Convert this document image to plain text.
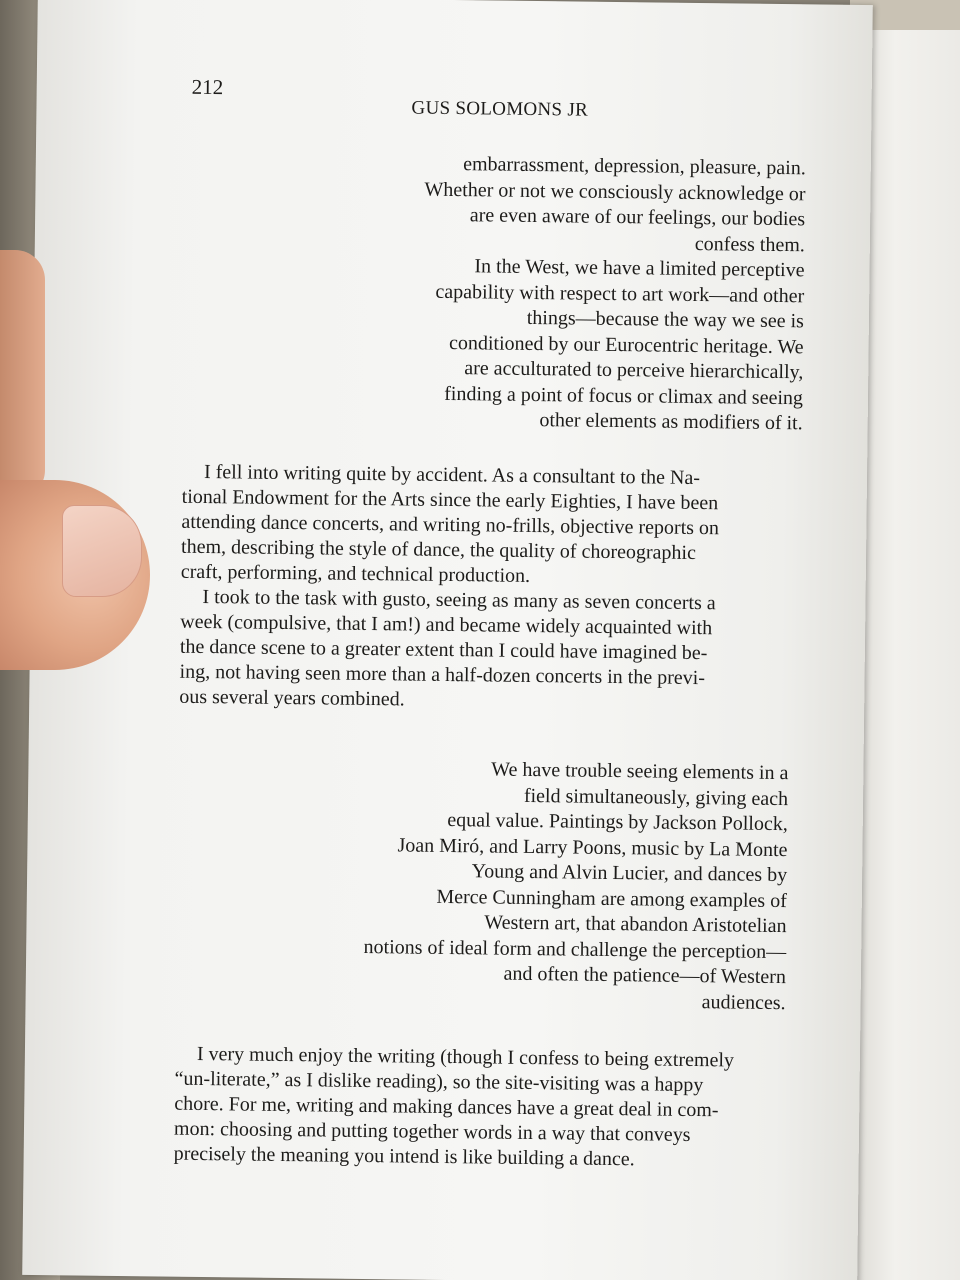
212
GUS SOLOMONS JR
embarrassment, depression, pleasure, pain.
Whether or not we consciously acknowledge or
are even aware of our feelings, our bodies
confess them.
In the West, we have a limited perceptive
capability with respect to art work—and other
things—because the way we see is
conditioned by our Eurocentric heritage. We
are acculturated to perceive hierarchically,
finding a point of focus or climax and seeing
other elements as modifiers of it.
I fell into writing quite by accident. As a consultant to the Na-
tional Endowment for the Arts since the early Eighties, I have been
attending dance concerts, and writing no-frills, objective reports on
them, describing the style of dance, the quality of choreographic
craft, performing, and technical production.
I took to the task with gusto, seeing as many as seven concerts a
week (compulsive, that I am!) and became widely acquainted with
the dance scene to a greater extent than I could have imagined be-
ing, not having seen more than a half-dozen concerts in the previ-
ous several years combined.
We have trouble seeing elements in a
field simultaneously, giving each
equal value. Paintings by Jackson Pollock,
Joan Miró, and Larry Poons, music by La Monte
Young and Alvin Lucier, and dances by
Merce Cunningham are among examples of
Western art, that abandon Aristotelian
notions of ideal form and challenge the perception—
and often the patience—of Western
audiences.
I very much enjoy the writing (though I confess to being extremely
“un-literate,” as I dislike reading), so the site-visiting was a happy
chore. For me, writing and making dances have a great deal in com-
mon: choosing and putting together words in a way that conveys
precisely the meaning you intend is like building a dance.
